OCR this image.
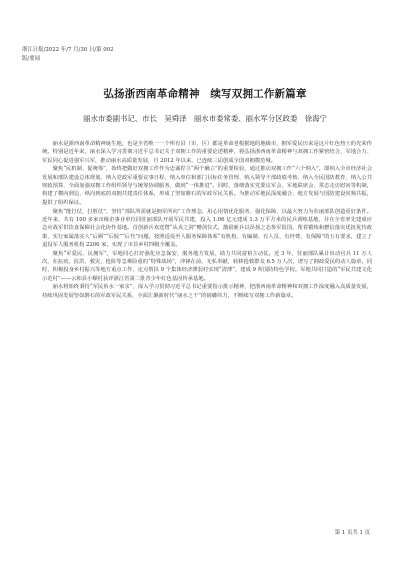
浙江日报/2022 年/7 月/30 日/第 002
版/要闻
弘扬浙西南革命精神　续写双拥工作新篇章
丽水市委副书记、市长　吴舜泽　丽水市委常委、丽水军分区政委　徐海宁

丽水是浙西南革命精神诞生地，也是全省唯一一个所有县（市、区）都是革命老根据地的地级市，拥军爱民历来是这片红色热土的光荣传统。特别是近年来，丽水深入学习贯彻习近平总书记关于双拥工作的重要论述精神，将弘扬浙西南革命精神与双拥工作紧密结合，军地合力、军民同心促进强军兴军，推动丽水高质量发展，自 2012 年以来，已连续三届创成全国双拥模范城。

聚焦“民机制、促统筹”，始终把做好双拥工作作为忠诚捍卫“两个确立”的重要检验，通过推动双拥工作“六个纳入”，即纳入全市经济社会发展和部队建设总体规划、纳入党政军重要议事日程、纳入单位和部门目标任务管理、纳入领导干部政绩考核、纳入全民国防教育、纳入公共财政预算，全面加强双拥工作组织领导与统筹协调服务，做到“一体推进”。同时，落细落实党委议军会、军地联席会、常态走访慰问等机制，构建了横向到边、纵向到底的双拥共建责任体系，形成了坚如磐石的军政军民关系。为推动军地民深度融合、地方发展与国防建设同频共振，提供了组织保证。

聚焦“能打仗、打胜仗”，坚持“部队所需就是拥军所向”工作理念，用心用情优化服务、强化保障，以最大努力为驻丽部队创造更好条件。近年来，共有 100 多家市级企事业单位同驻丽部队开展军民共建，投入 1.06 亿元建成 1.3 万平方米的民兵训练基地，并在全省率先建成应急应战军供饮食保障社会化协作基地。首创新兵欢送暨“从戎之剑”赠剑仪式，激励新兵以昂扬之态参军报国。帮着锻炼和燃信落实优抚优待政策，实行家属落实人“后顾”“后院”“后代”问题，按照适役至人服务保障体系“有机构、有编制、有人员、有经费、有保障”的五有要求，建立了退役军人服务机构 2206 家，实现了市县乡村四级全覆盖。

聚焦“军爱民、民拥军”，军地同心打好强化应急保安、服务地方发展、助力共同富裕主动仗。近 3 年，驻丽部队累计出动官兵 11 万人次，在抗疫、抗洪、救灾、抢险等急难险重的“特殊战场”，冲锋在前、无私奉献，转移抢救群众 6.5 万人次，谱写了拥政爱民的动人篇章。同时，积极投身乡村振兴等地方重点工作，定点帮扶 9 个集体经济薄弱村实现“清薄”，建成 9 所国防特色学校。军地共同打造的“军民共建文化示范村”——云和县小顺村获评浙江省第二批青少年红色基因传承基地。

丽水将始终秉持“军民鱼水一家亲”，深入学习贯彻习近平总书记重要指示批示精神，把浙西南革命精神和双拥工作深度融入高质量发展，持续巩固发展坚如磐石的军政军民关系，全面汇聚新时代“丽水之干”的磅礴伟力，不断续写双拥工作新篇章。

第 1 页共 1 页
